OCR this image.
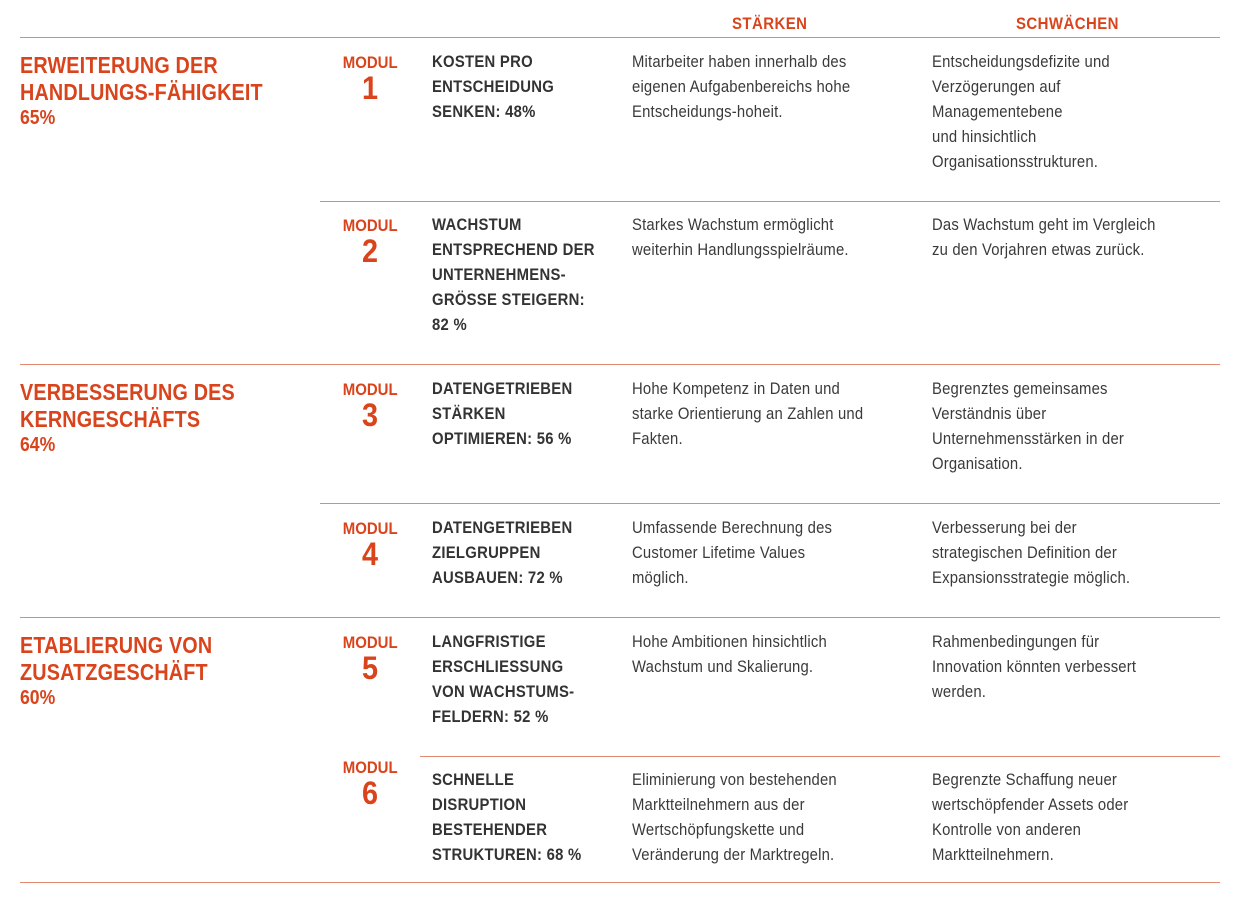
STÄRKEN	SCHWÄCHEN
ERWEITERUNG DER
HANDLUNGS-FÄHIGKEIT
65%
VERBESSERUNG DES
KERNGESCHÄFTS
64%
ETABLIERUNG VON
ZUSATZGESCHÄFT
60%
MODUL
1
KOSTEN PRO
ENTSCHEIDUNG
SENKEN: 48%
Mitarbeiter haben innerhalb des
eigenen Aufgabenbereichs hohe
Entscheidungs-hoheit.
Entscheidungsdefizite und
Verzögerungen auf
Managementebene
und hinsichtlich
Organisationsstrukturen.
MODUL
2
WACHSTUM
ENTSPRECHEND DER
UNTERNEHMENS-
GRÖSSE STEIGERN:
82 %
Starkes Wachstum ermöglicht
weiterhin Handlungsspielräume.
Das Wachstum geht im Vergleich
zu den Vorjahren etwas zurück.
MODUL
3
DATENGETRIEBEN
STÄRKEN
OPTIMIEREN: 56 %
Hohe Kompetenz in Daten und
starke Orientierung an Zahlen und
Fakten.
Begrenztes gemeinsames
Verständnis über
Unternehmensstärken in der
Organisation.
MODUL
4
DATENGETRIEBEN
ZIELGRUPPEN
AUSBAUEN: 72 %
Umfassende Berechnung des
Customer Lifetime Values
möglich.
Verbesserung bei der
strategischen Definition der
Expansionsstrategie möglich.
MODUL
5
LANGFRISTIGE
ERSCHLIESSUNG
VON WACHSTUMS-
FELDERN: 52 %
Hohe Ambitionen hinsichtlich
Wachstum und Skalierung.
Rahmenbedingungen für
Innovation könnten verbessert
werden.
MODUL
6	SCHNELLE
DISRUPTION
BESTEHENDER
STRUKTUREN: 68 %
Eliminierung von bestehenden
Marktteilnehmern aus der
Wertschöpfungskette und
Veränderung der Marktregeln.
Begrenzte Schaffung neuer
wertschöpfender Assets oder
Kontrolle von anderen
Marktteilnehmern.
